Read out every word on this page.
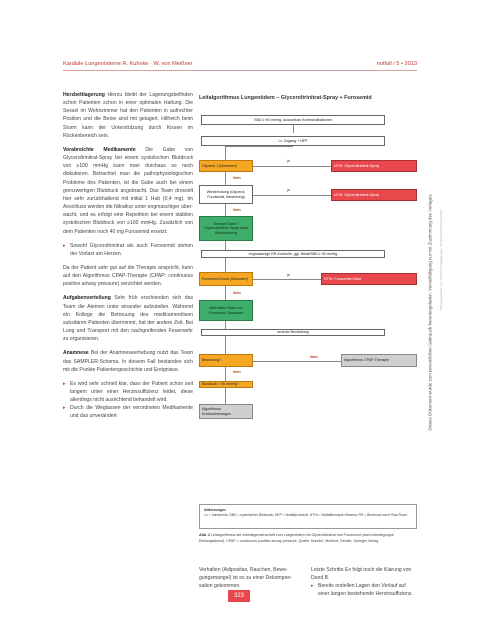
Kardiale Lungenödeme R. Kuhnke · W. von Meißner	notfall / 5 • 2013

Herzbettlagerung Hierzu bleibt der Lagerungsbefinden schon Patienten schon in einer optimalen Haltung. Die Sessel im Wohnzimmer hat den Patienten in aufrechter Position und die Beine sind mit gelagert. Hilfreich beim Sturm kann der Unterstützung durch Kissen im Rückenbereich sein.

Vorabreichte Medikamente Die Gabe von Glyceroltrinitrat-Spray bei einem systolischen Blutdruck von ≥100 mmHg kann man durchaus so noch diskutieren. Betrachtet man die pathophysiologischen Probleme des Patienten, ist die Gabe auch bei einem grenzwertigen Blutdruck angebracht. Das Team drosselt hier sehr zurückhaltend mit initial 1 Hub (0,4 mg). Im Anschluss werden die Nitratkur unter engmaschiger überwacht, und es erfolgt eine Repetition bei einem stabilen systolischen Blutdruck von ≥100 mmHg. Zusätzlich von dem Patienten noch 40 mg Furosemid ersetzt.

▸ Sowohl Glyceroltrinitrat als auch Furosemid stehen der Vorlast am Herzen.

Da der Patient sehr gut auf die Therapie anspricht, kann auf den Algorithmus CPAP-Therapie (CPAP: continuous positive airway pressure) verzichtet werden.

Aufgabenverteilung Sehr früh erschienden sich das Team die Atemen unter einander aufzuteilen. Während ein Kollege die Betreuung des medikamentösen subsitären Patienten übernimmt, hat der andere Zeit. Bei Lung und Transport mit den nachgreifenden Feuerwehr zu organisieren.

Anamnese Bei der Anamneseerhebung nutzt das Team das SAMPLER-Schema. In diesem Fall bestanden sich mit die Punkte Patientengeschichte und Ereignisse.

▸ Es wird sehr schnell klar, dass der Patient schon seit langem unter einer Herzinsuffizienz leidet, diese allerdings nicht ausrichtend behandelt wird.
▸ Durch die Weglassen der verordneten Medikamente und das unverändert
Leitalgorithmus Lungenödem – Glyceroltrinitrat-Spray + Furosemid
SBD ≥ 90 mmHg, Ausschluss Kontraindikationen
i.v. Zugang + NFP
Glycerol 1 (Messwert)
ja
NTHI: Glyceroltrinitrat-Spray
Nein
Wiederholung (Glycerol, Furosemid, Bewertung)
ja
NTHI: Glyceroltrinitrat-Spray
Nein
Erneute Gabe? Glyceroltrinitrat-Spray nach Wiederholung
engmaschige RR-Kontrolle, ggf. Nitrat/SBD ≥ 90 mmHg
Furosemid-Dosis (Messwert)
ja
NTHI: Furosemid-Gabe
Nein
Alternative Gabe von Furosemid, Dosiswert
erneute Beurteilung
Besserung?
Nein
Algorithmus CPAP-Therapie
Nein
Blutdruck < 90 mmHg?
Algorithmus Kreislaufversagen
Abkürzungen
i.v. = intravenös; SBD = systolischer Blutdruck; NFP = Notfallprotokoll; NTHI = Notfalltherapie-Hinweis; RR = Blutdruck nach Riva-Rocci
Abb. 2 Leitalgorithmus der Arbeitsgemeinschaft zum Lungenödem mit Glyceroltrinitrat und Furosemid (nach Arbeitsgruppe Rettungsdienst). CPAP = continuous positive airway pressure, Quelle: Kuhnke, Meißner, Kerstin, Springer Verlag.

Verhalten (Adipositas, Rauchen, Bewegungsmangel) ist es zu einer Dekompensation gekommen.

Letzte Schritte Es folgt noch die Klarung von Dund B.

▸ Bereits erstellen Lagen den Verlauf auf einer langen bestehende Herzinsuffizienz.
323
Dieses Dokument wurde zum persönlichen Gebrauch heruntergeladen. Vervielfältigung nur mit Zustimmung des Verlages. Heruntergeladen von: Thieme Verlagsgruppe. Urheberrechtlich geschützt.
